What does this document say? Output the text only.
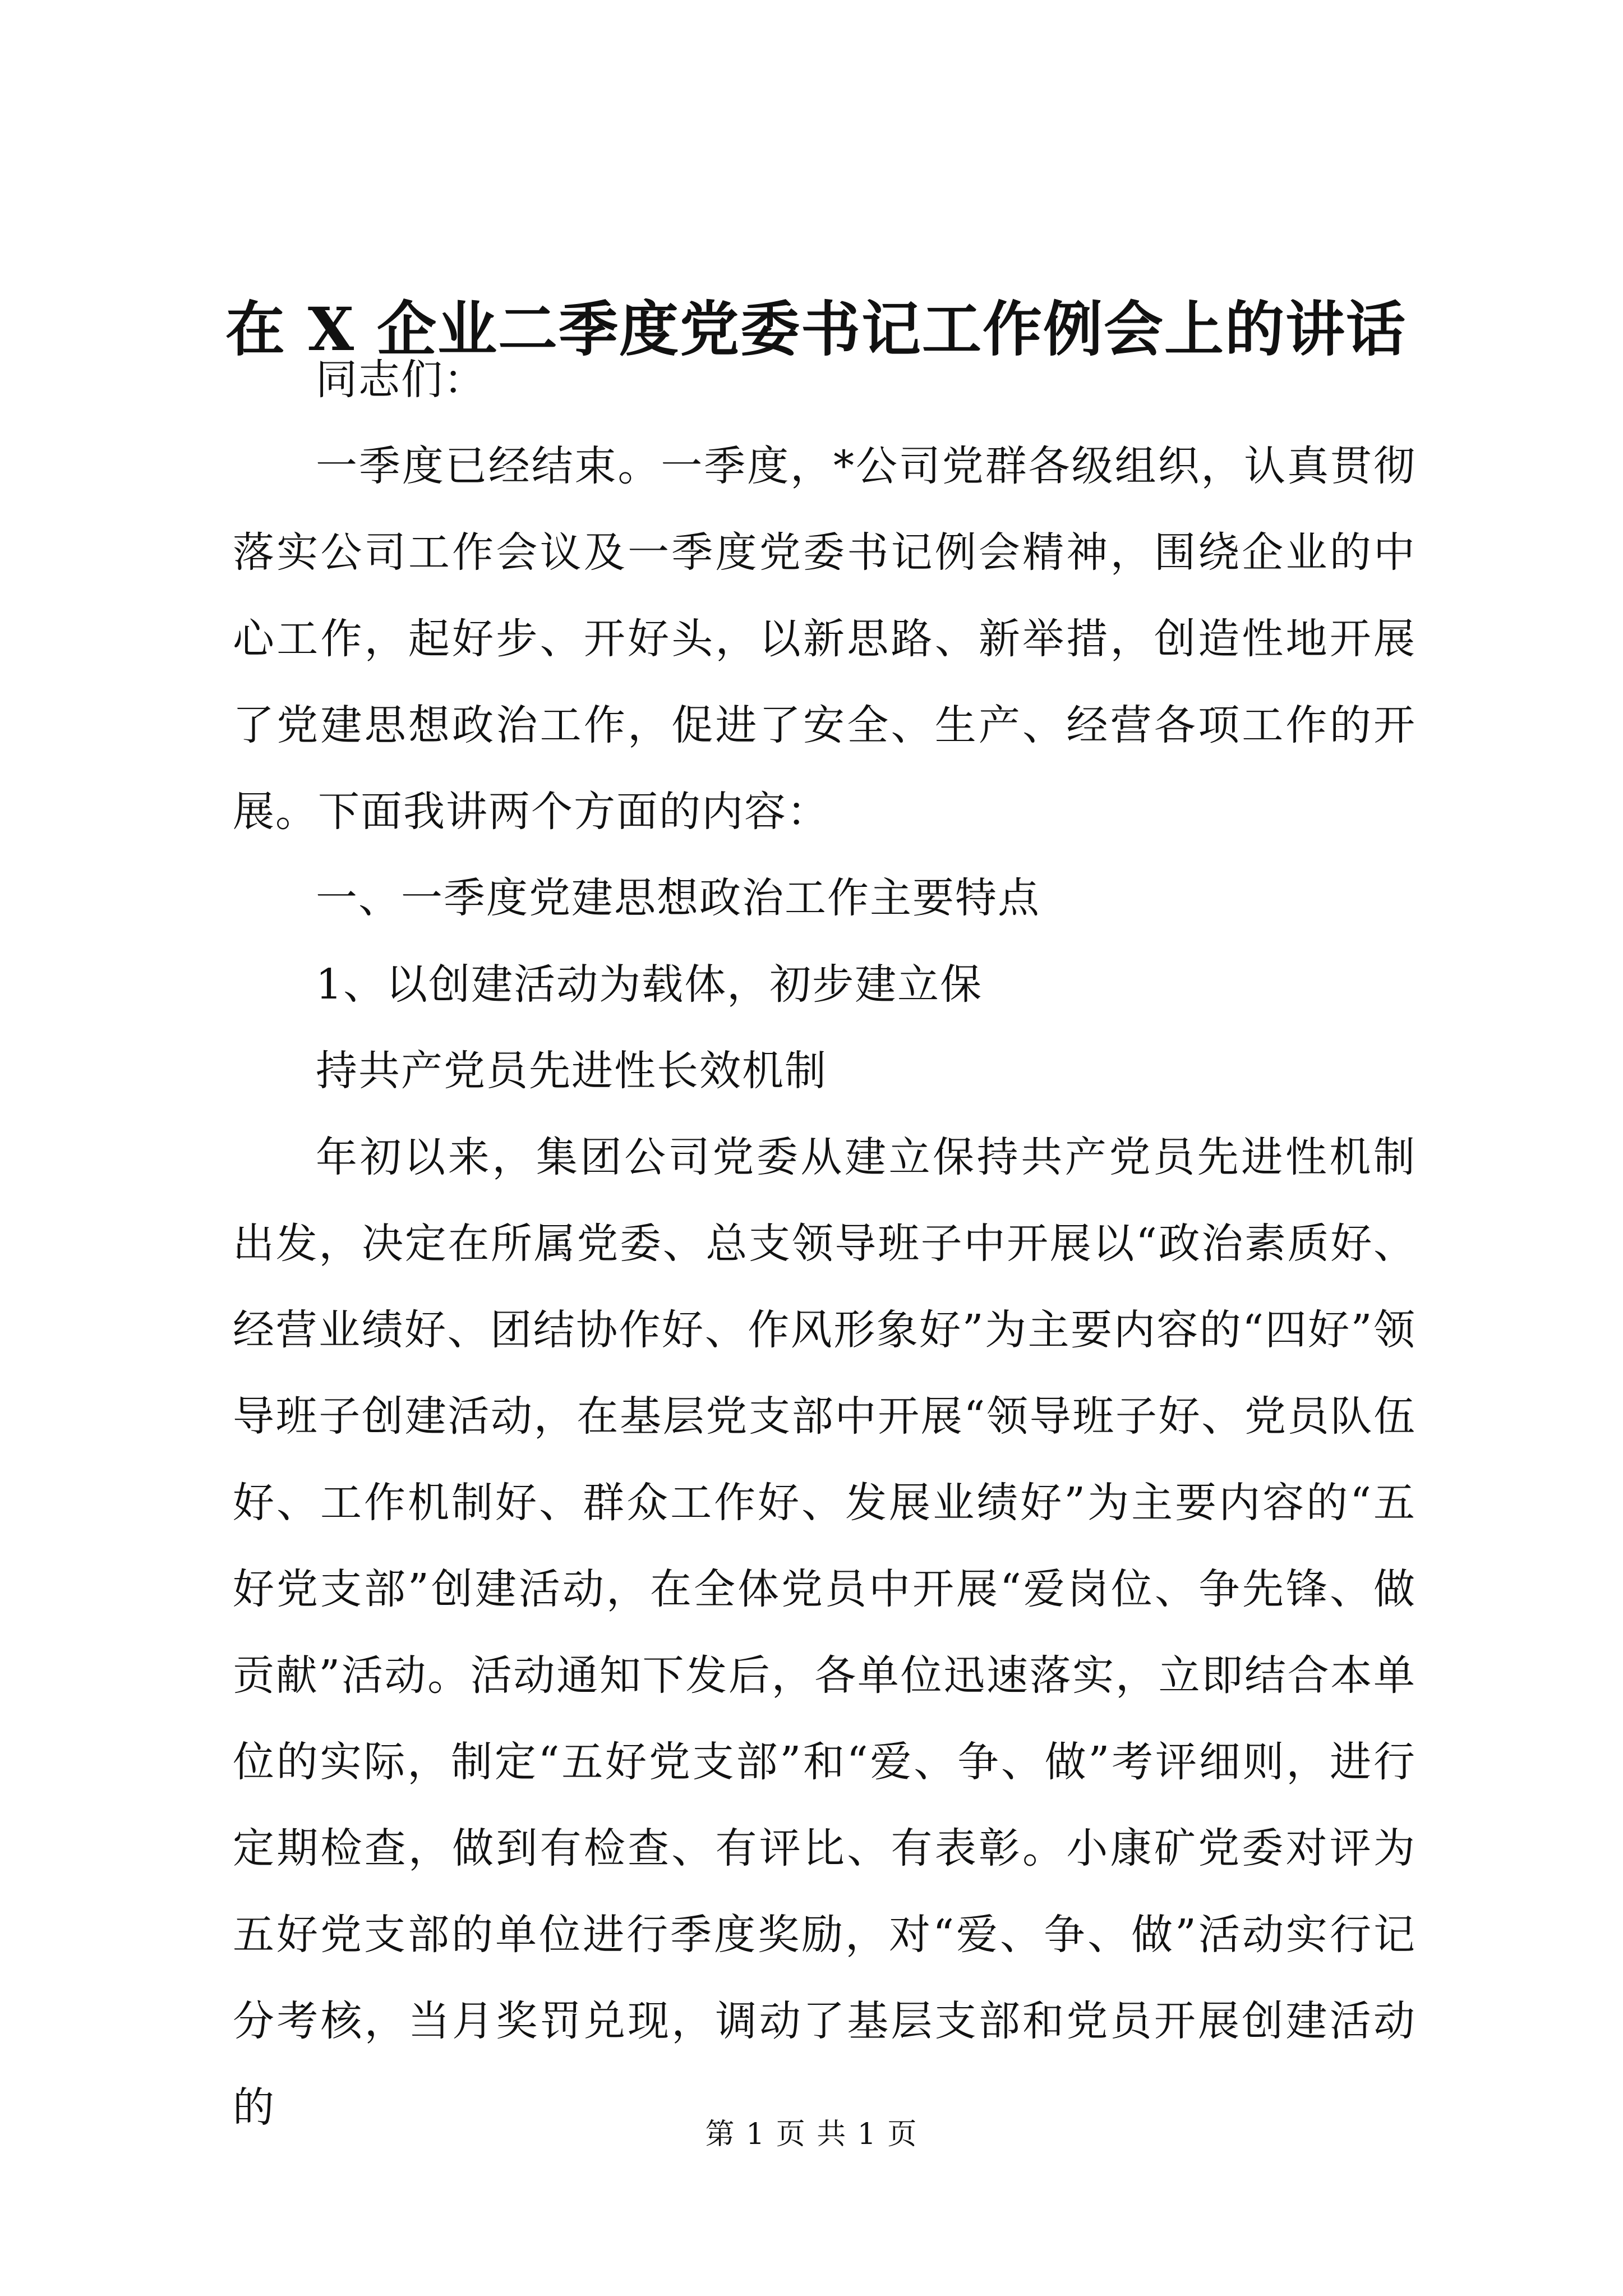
在 X 企业二季度党委书记工作例会上的讲话

同志们：

一季度已经结束。一季度，*公司党群各级组织，认真贯彻落实公司工作会议及一季度党委书记例会精神，围绕企业的中心工作，起好步、开好头，以新思路、新举措，创造性地开展了党建思想政治工作，促进了安全、生产、经营各项工作的开展。下面我讲两个方面的内容：

一、一季度党建思想政治工作主要特点

1、以创建活动为载体，初步建立保

持共产党员先进性长效机制

年初以来，集团公司党委从建立保持共产党员先进性机制出发，决定在所属党委、总支领导班子中开展以“政治素质好、经营业绩好、团结协作好、作风形象好”为主要内容的“四好”领导班子创建活动，在基层党支部中开展“领导班子好、党员队伍好、工作机制好、群众工作好、发展业绩好”为主要内容的“五好党支部”创建活动，在全体党员中开展“爱岗位、争先锋、做贡献”活动。活动通知下发后，各单位迅速落实，立即结合本单位的实际，制定“五好党支部”和“爱、争、做”考评细则，进行定期检查，做到有检查、有评比、有表彰。小康矿党委对评为五好党支部的单位进行季度奖励，对“爱、争、做”活动实行记分考核，当月奖罚兑现，调动了基层支部和党员开展创建活动的

第 1 页 共 1 页
